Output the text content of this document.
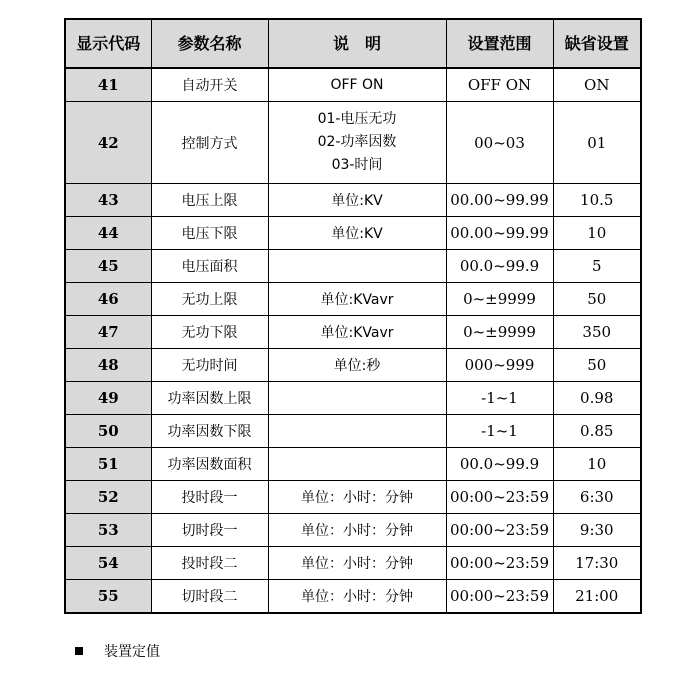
显示代码	参数名称	说　明	设置范围	缺省设置
41	自动开关	OFF ON	OFF ON	ON
42	控制方式	01-电压无功
02-功率因数
03-时间	00~03	01
43	电压上限	单位:KV	00.00~99.99	10.5
44	电压下限	单位:KV	00.00~99.99	10
45	电压面积		00.0~99.9	5
46	无功上限	单位:KVavr	0~±9999	50
47	无功下限	单位:KVavr	0~±9999	350
48	无功时间	单位:秒	000~999	50
49	功率因数上限		-1~1	0.98
50	功率因数下限		-1~1	0.85
51	功率因数面积		00.0~99.9	10
52	投时段一	单位：小时：分钟	00:00~23:59	6:30
53	切时段一	单位：小时：分钟	00:00~23:59	9:30
54	投时段二	单位：小时：分钟	00:00~23:59	17:30
55	切时段二	单位：小时：分钟	00:00~23:59	21:00
装置定值
